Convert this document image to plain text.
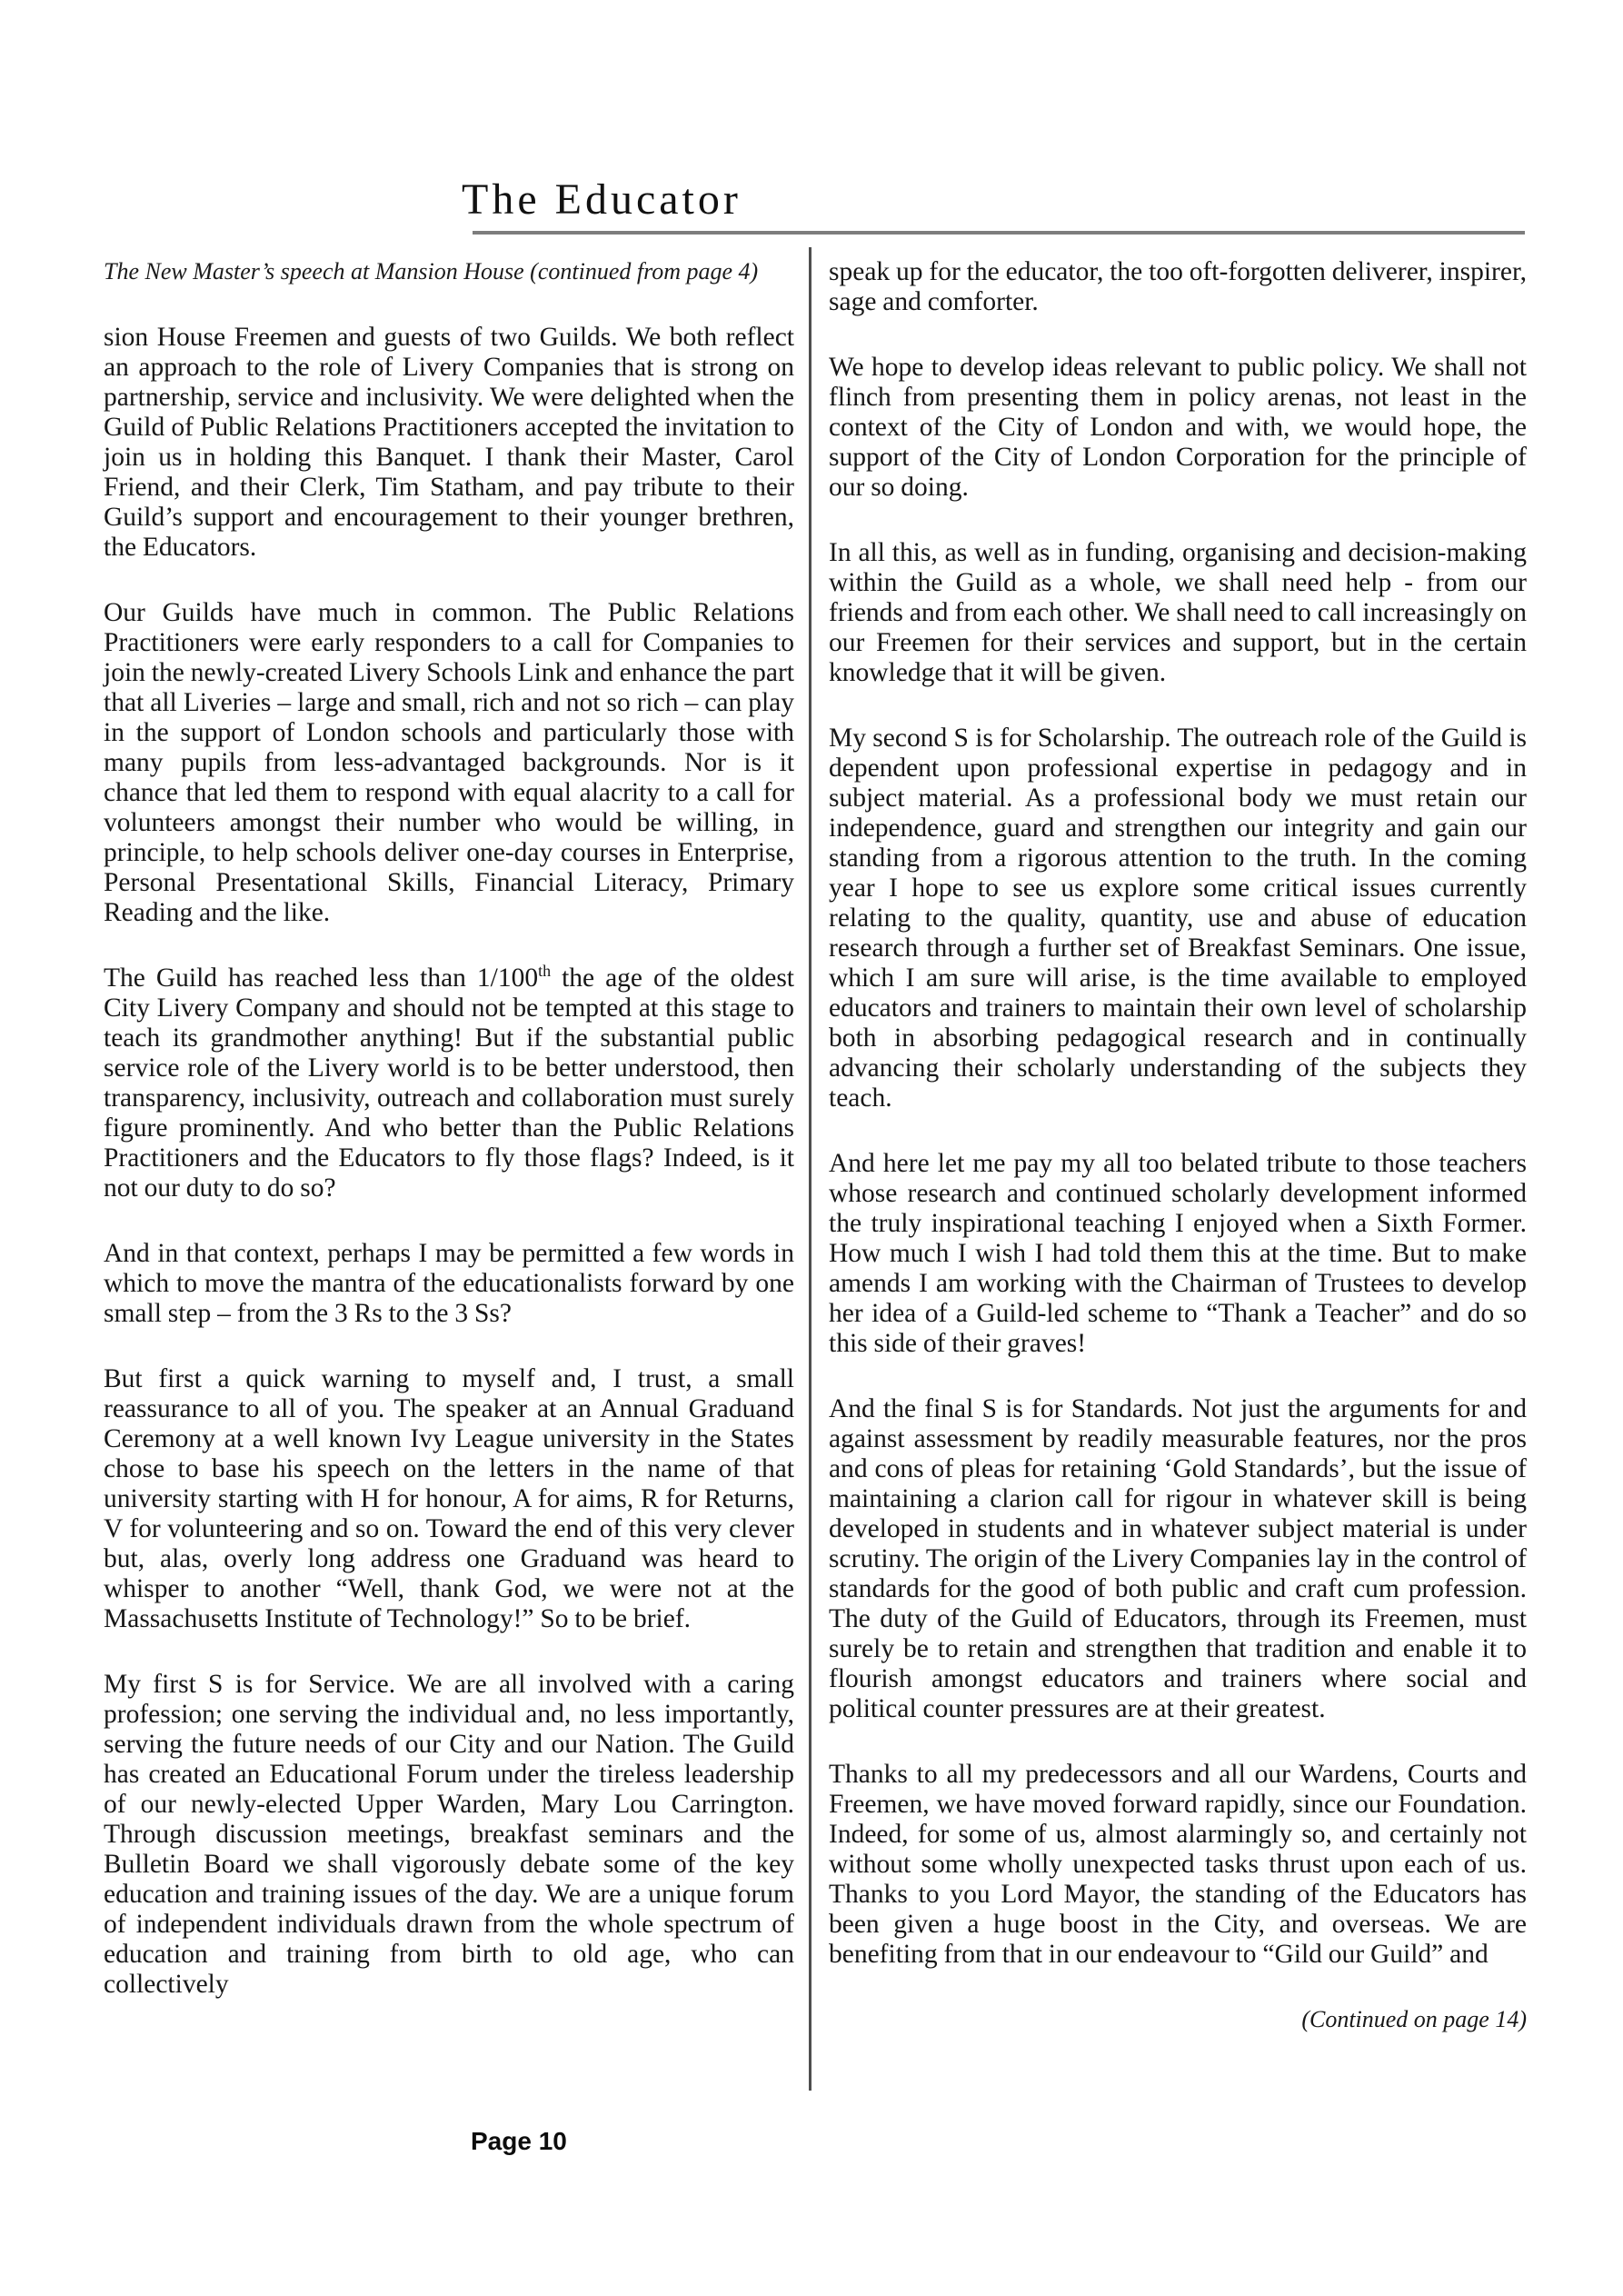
The Educator

The New Master’s speech at Mansion House (continued from page 4)

sion House Freemen and guests of two Guilds. We both reflect an approach to the role of Livery Companies that is strong on partnership, service and inclusivity. We were delighted when the Guild of Public Relations Practitioners accepted the invitation to join us in holding this Banquet. I thank their Master, Carol Friend, and their Clerk, Tim Statham, and pay tribute to their Guild’s support and encouragement to their younger brethren, the Educators.

Our Guilds have much in common. The Public Relations Practitioners were early responders to a call for Companies to join the newly-created Livery Schools Link and enhance the part that all Liveries – large and small, rich and not so rich – can play in the support of London schools and particularly those with many pupils from less-advantaged backgrounds. Nor is it chance that led them to respond with equal alacrity to a call for volunteers amongst their number who would be willing, in principle, to help schools deliver one-day courses in Enterprise, Personal Presentational Skills, Financial Literacy, Primary Reading and the like.

The Guild has reached less than 1/100th the age of the oldest City Livery Company and should not be tempted at this stage to teach its grandmother anything! But if the substantial public service role of the Livery world is to be better understood, then transparency, inclusivity, outreach and collaboration must surely figure prominently. And who better than the Public Relations Practitioners and the Educators to fly those flags? Indeed, is it not our duty to do so?

And in that context, perhaps I may be permitted a few words in which to move the mantra of the educationalists forward by one small step – from the 3 Rs to the 3 Ss?

But first a quick warning to myself and, I trust, a small reassurance to all of you. The speaker at an Annual Graduand Ceremony at a well known Ivy League university in the States chose to base his speech on the letters in the name of that university starting with H for honour, A for aims, R for Returns, V for volunteering and so on. Toward the end of this very clever but, alas, overly long address one Graduand was heard to whisper to another “Well, thank God, we were not at the Massachusetts Institute of Technology!” So to be brief.

My first S is for Service. We are all involved with a caring profession; one serving the individual and, no less importantly, serving the future needs of our City and our Nation. The Guild has created an Educational Forum under the tireless leadership of our newly-elected Upper Warden, Mary Lou Carrington. Through discussion meetings, breakfast seminars and the Bulletin Board we shall vigorously debate some of the key education and training issues of the day. We are a unique forum of independent individuals drawn from the whole spectrum of education and training from birth to old age, who can collectively

speak up for the educator, the too oft-forgotten deliverer, inspirer, sage and comforter.

We hope to develop ideas relevant to public policy. We shall not flinch from presenting them in policy arenas, not least in the context of the City of London and with, we would hope, the support of the City of London Corporation for the principle of our so doing.

In all this, as well as in funding, organising and decision-making within the Guild as a whole, we shall need help - from our friends and from each other. We shall need to call increasingly on our Freemen for their services and support, but in the certain knowledge that it will be given.

My second S is for Scholarship. The outreach role of the Guild is dependent upon professional expertise in pedagogy and in subject material. As a professional body we must retain our independence, guard and strengthen our integrity and gain our standing from a rigorous attention to the truth. In the coming year I hope to see us explore some critical issues currently relating to the quality, quantity, use and abuse of education research through a further set of Breakfast Seminars. One issue, which I am sure will arise, is the time available to employed educators and trainers to maintain their own level of scholarship both in absorbing pedagogical research and in continually advancing their scholarly understanding of the subjects they teach.

And here let me pay my all too belated tribute to those teachers whose research and continued scholarly development informed the truly inspirational teaching I enjoyed when a Sixth Former. How much I wish I had told them this at the time. But to make amends I am working with the Chairman of Trustees to develop her idea of a Guild-led scheme to “Thank a Teacher” and do so this side of their graves!

And the final S is for Standards. Not just the arguments for and against assessment by readily measurable features, nor the pros and cons of pleas for retaining ‘Gold Standards’, but the issue of maintaining a clarion call for rigour in whatever skill is being developed in students and in whatever subject material is under scrutiny. The origin of the Livery Companies lay in the control of standards for the good of both public and craft cum profession. The duty of the Guild of Educators, through its Freemen, must surely be to retain and strengthen that tradition and enable it to flourish amongst educators and trainers where social and political counter pressures are at their greatest.

Thanks to all my predecessors and all our Wardens, Courts and Freemen, we have moved forward rapidly, since our Foundation. Indeed, for some of us, almost alarmingly so, and certainly not without some wholly unexpected tasks thrust upon each of us. Thanks to you Lord Mayor, the standing of the Educators has been given a huge boost in the City, and overseas. We are benefiting from that in our endeavour to “Gild our Guild” and

(Continued on page 14)

Page 10
